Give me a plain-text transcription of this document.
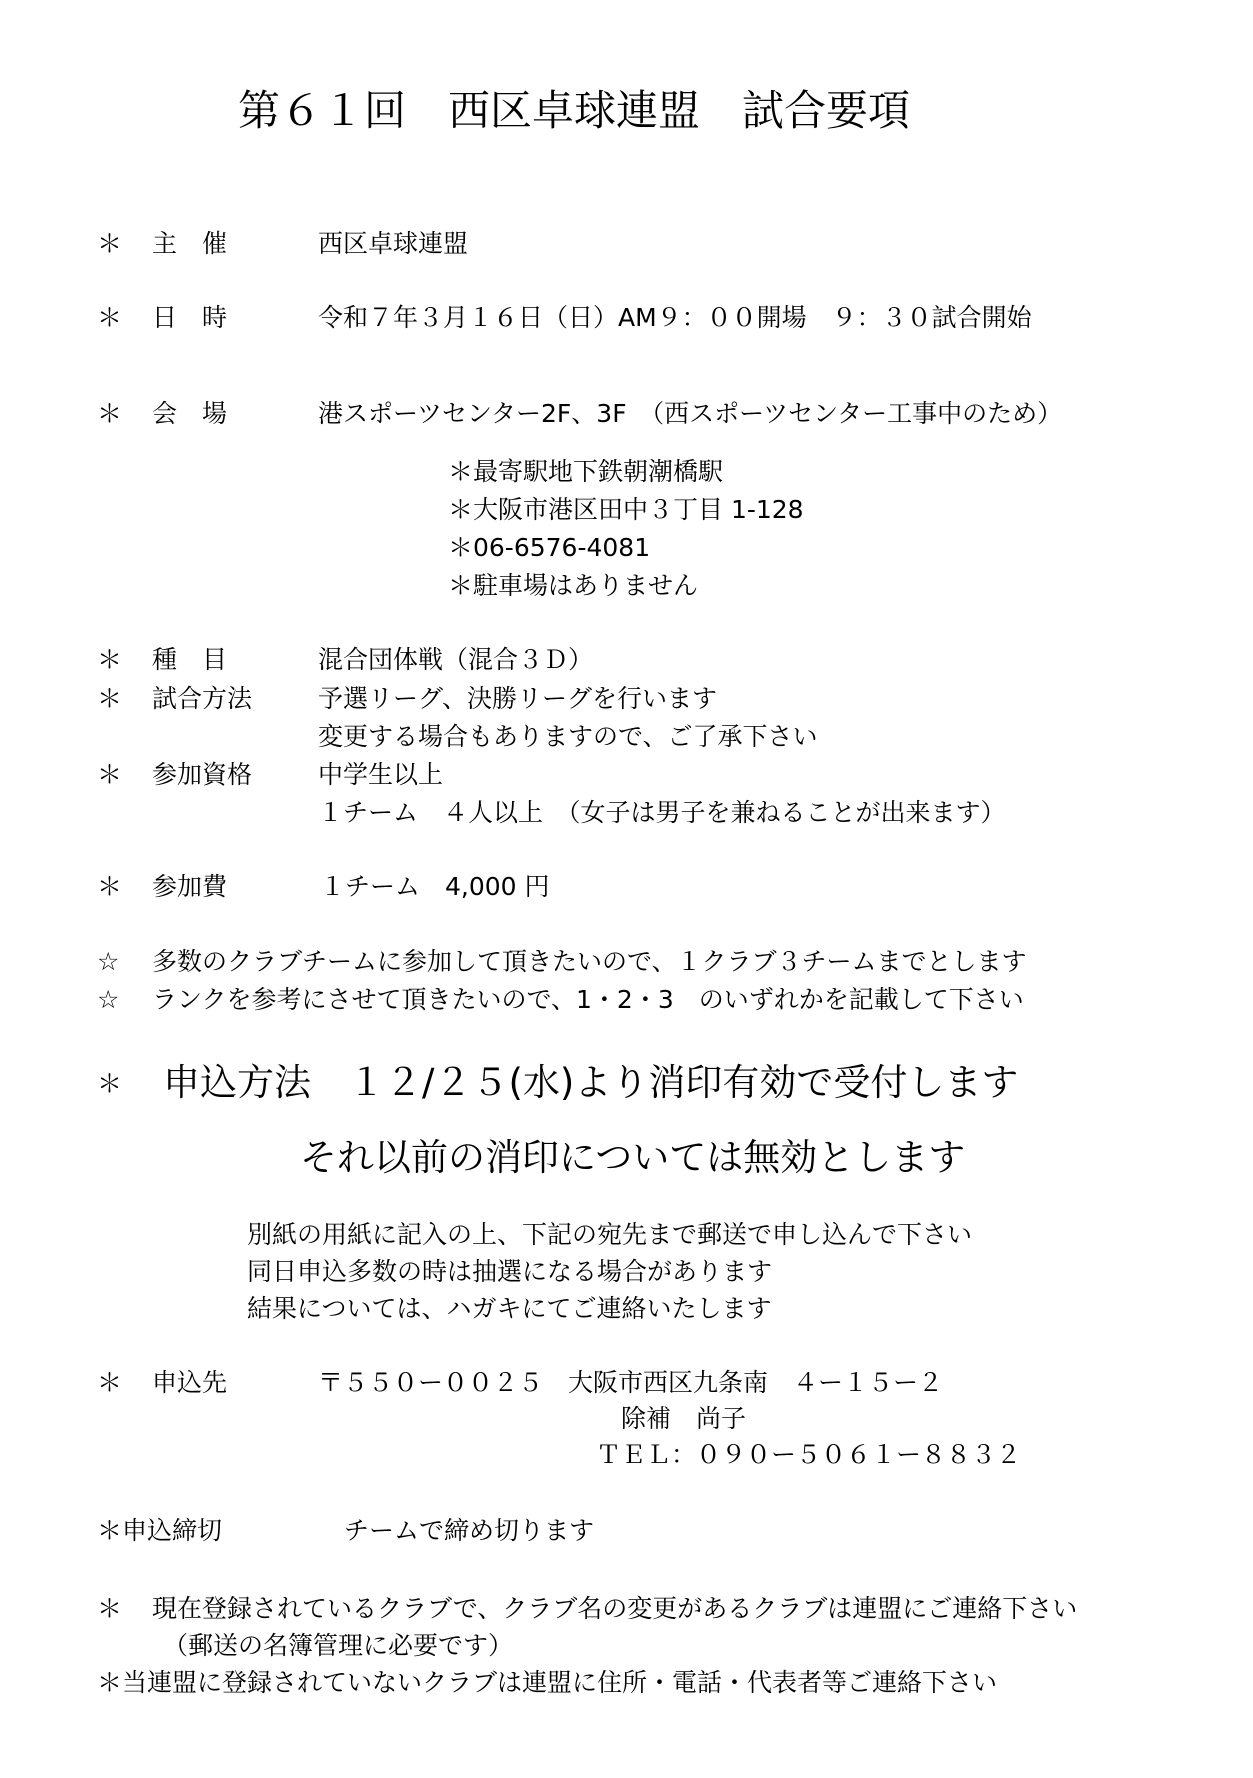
第６１回　西区卓球連盟　試合要項
＊ 主　催	西区卓球連盟
＊ 日　時	令和７年３月１６日（日）AM９：００開場　９：３０試合開始
＊ 会　場	港スポーツセンター2F、3F　（西スポーツセンター工事中のため）
＊最寄駅地下鉄朝潮橋駅
＊大阪市港区田中３丁目 1-128
＊06-6576-4081
＊駐車場はありません
＊ 種　目	混合団体戦（混合３Ｄ）
＊ 試合方法	予選リーグ、決勝リーグを行います
変更する場合もありますので、ご了承下さい
＊ 参加資格	中学生以上
１チーム　４人以上　（女子は男子を兼ねることが出来ます）
＊ 参加費	１チーム　4,000 円
☆ 多数のクラブチームに参加して頂きたいので、１クラブ３チームまでとします
☆ ランクを参考にさせて頂きたいので、1・2・3　のいずれかを記載して下さい
＊ 申込方法　１２/２５(水)より消印有効で受付します
それ以前の消印については無効とします
別紙の用紙に記入の上、下記の宛先まで郵送で申し込んで下さい
同日申込多数の時は抽選になる場合があります
結果については、ハガキにてご連絡いたします
＊ 申込先	〒５５０ー００２５　大阪市西区九条南　４ー１５ー２
除補　尚子
ＴＥＬ：０９０ー５０６１ー８８３２
＊申込締切	チームで締め切ります
＊ 現在登録されているクラブで、クラブ名の変更があるクラブは連盟にご連絡下さい
（郵送の名簿管理に必要です）
＊当連盟に登録されていないクラブは連盟に住所・電話・代表者等ご連絡下さい
